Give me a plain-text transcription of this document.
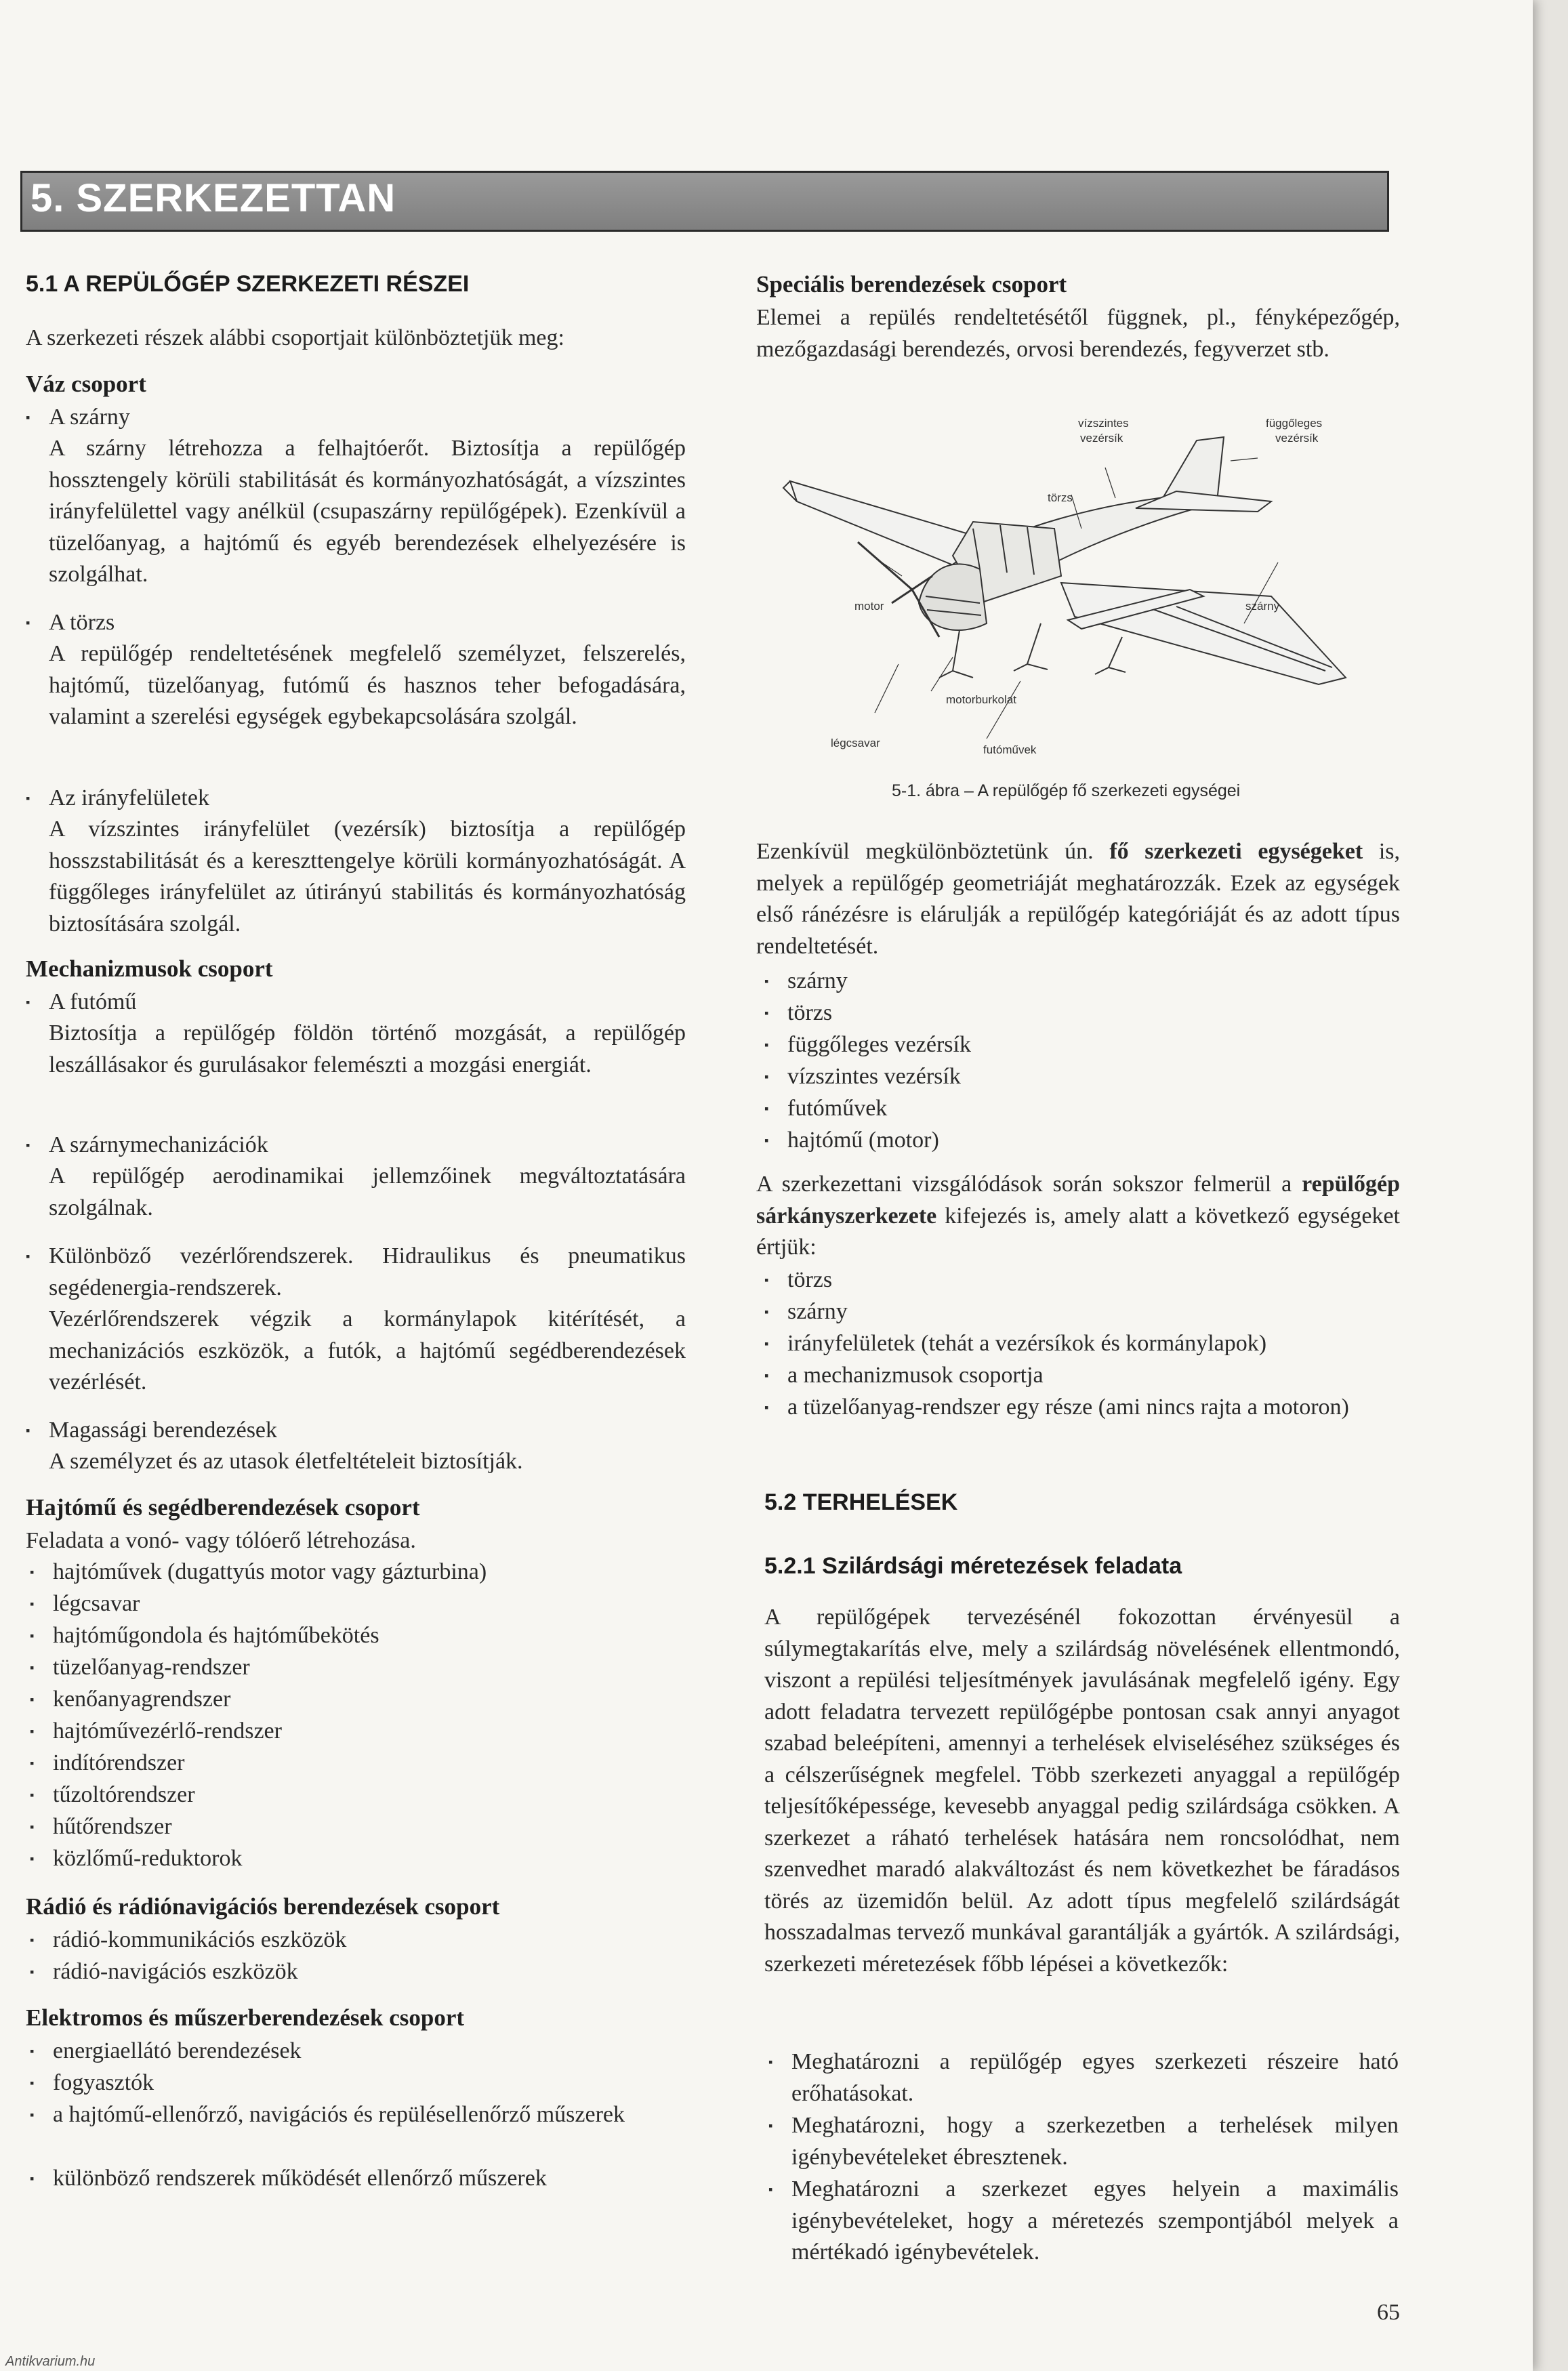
5. SZERKEZETTAN
5.1 A REPÜLŐGÉP SZERKEZETI RÉSZEI
A szerkezeti részek alábbi csoportjait különböztetjük meg:
Váz csoport
▪ A szárny
A szárny létrehozza a felhajtóerőt. Biztosítja a repülőgép hossztengely körüli stabilitását és kormányozhatóságát, a vízszintes irányfelülettel vagy anélkül (csupaszárny repülőgépek). Ezenkívül a tüzelőanyag, a hajtómű és egyéb berendezések elhelyezésére is szolgálhat.
▪ A törzs
A repülőgép rendeltetésének megfelelő személyzet, felszerelés, hajtómű, tüzelőanyag, futómű és hasznos teher befogadására, valamint a szerelési egységek egybekapcsolására szolgál.
▪ Az irányfelületek
A vízszintes irányfelület (vezérsík) biztosítja a repülőgép hosszstabilitását és a kereszttengelye körüli kormányozhatóságát. A függőleges irányfelület az útirányú stabilitás és kormányozhatóság biztosítására szolgál.
Mechanizmusok csoport
▪ A futómű
Biztosítja a repülőgép földön történő mozgását, a repülőgép leszállásakor és gurulásakor felemészti a mozgási energiát.
▪ A szárnymechanizációk
A repülőgép aerodinamikai jellemzőinek megváltoztatására szolgálnak.
▪ Különböző vezérlőrendszerek. Hidraulikus és pneumatikus segédenergia-rendszerek.
Vezérlőrendszerek végzik a kormánylapok kitérítését, a mechanizációs eszközök, a futók, a hajtómű segédberendezések vezérlését.
▪ Magassági berendezések
A személyzet és az utasok életfeltételeit biztosítják.
Hajtómű és segédberendezések csoport
Feladata a vonó- vagy tólóerő létrehozása.
▪ hajtóművek (dugattyús motor vagy gázturbina)
▪ légcsavar
▪ hajtóműgondola és hajtóműbekötés
▪ tüzelőanyag-rendszer
▪ kenőanyagrendszer
▪ hajtóművezérlő-rendszer
▪ indítórendszer
▪ tűzoltórendszer
▪ hűtőrendszer
▪ közlőmű-reduktorok
Rádió és rádiónavigációs berendezések csoport
▪ rádió-kommunikációs eszközök
▪ rádió-navigációs eszközök
Elektromos és műszerberendezések csoport
▪ energiaellátó berendezések
▪ fogyasztók
▪ a hajtómű-ellenőrző, navigációs és repülésellenőrző műszerek
▪ különböző rendszerek működését ellenőrző műszerek
Speciális berendezések csoport
Elemei a repülés rendeltetésétől függnek, pl., fényképezőgép, mezőgazdasági berendezés, orvosi berendezés, fegyverzet stb.
vízszintes
vezérsík
függőleges
vezérsík
törzs
motor	szárny
motorburkolat
légcsavar
futóművek
5-1. ábra – A repülőgép fő szerkezeti egységei
Ezenkívül megkülönböztetünk ún. fő szerkezeti egységeket is, melyek a repülőgép geometriáját meghatározzák. Ezek az egységek első ránézésre is elárulják a repülőgép kategóriáját és az adott típus rendeltetését.
▪ szárny
▪ törzs
▪ függőleges vezérsík
▪ vízszintes vezérsík
▪ futóművek
▪ hajtómű (motor)
A szerkezettani vizsgálódások során sokszor felmerül a repülőgép sárkányszerkezete kifejezés is, amely alatt a következő egységeket értjük:
▪ törzs
▪ szárny
▪ irányfelületek (tehát a vezérsíkok és kormánylapok)
▪ a mechanizmusok csoportja
▪ a tüzelőanyag-rendszer egy része (ami nincs rajta a motoron)
5.2 TERHELÉSEK
5.2.1 Szilárdsági méretezések feladata
A repülőgépek tervezésénél fokozottan érvényesül a súlymegtakarítás elve, mely a szilárdság növelésének ellentmondó, viszont a repülési teljesítmények javulásának megfelelő igény. Egy adott feladatra tervezett repülőgépbe pontosan csak annyi anyagot szabad beleépíteni, amennyi a terhelések elviseléséhez szükséges és a célszerűségnek megfelel. Több szerkezeti anyaggal a repülőgép teljesítőképessége, kevesebb anyaggal pedig szilárdsága csökken. A szerkezet a ráható terhelések hatására nem roncsolódhat, nem szenvedhet maradó alakváltozást és nem következhet be fáradásos törés az üzemidőn belül. Az adott típus megfelelő szilárdságát hosszadalmas tervező munkával garantálják a gyártók. A szilárdsági, szerkezeti méretezések főbb lépései a következők:
▪ Meghatározni a repülőgép egyes szerkezeti részeire ható erőhatásokat.
▪ Meghatározni, hogy a szerkezetben a terhelések milyen igénybevételeket ébresztenek.
▪ Meghatározni a szerkezet egyes helyein a maximális igénybevételeket, hogy a méretezés szempontjából melyek a mértékadó igénybevételek.
65
Antikvarium.hu
